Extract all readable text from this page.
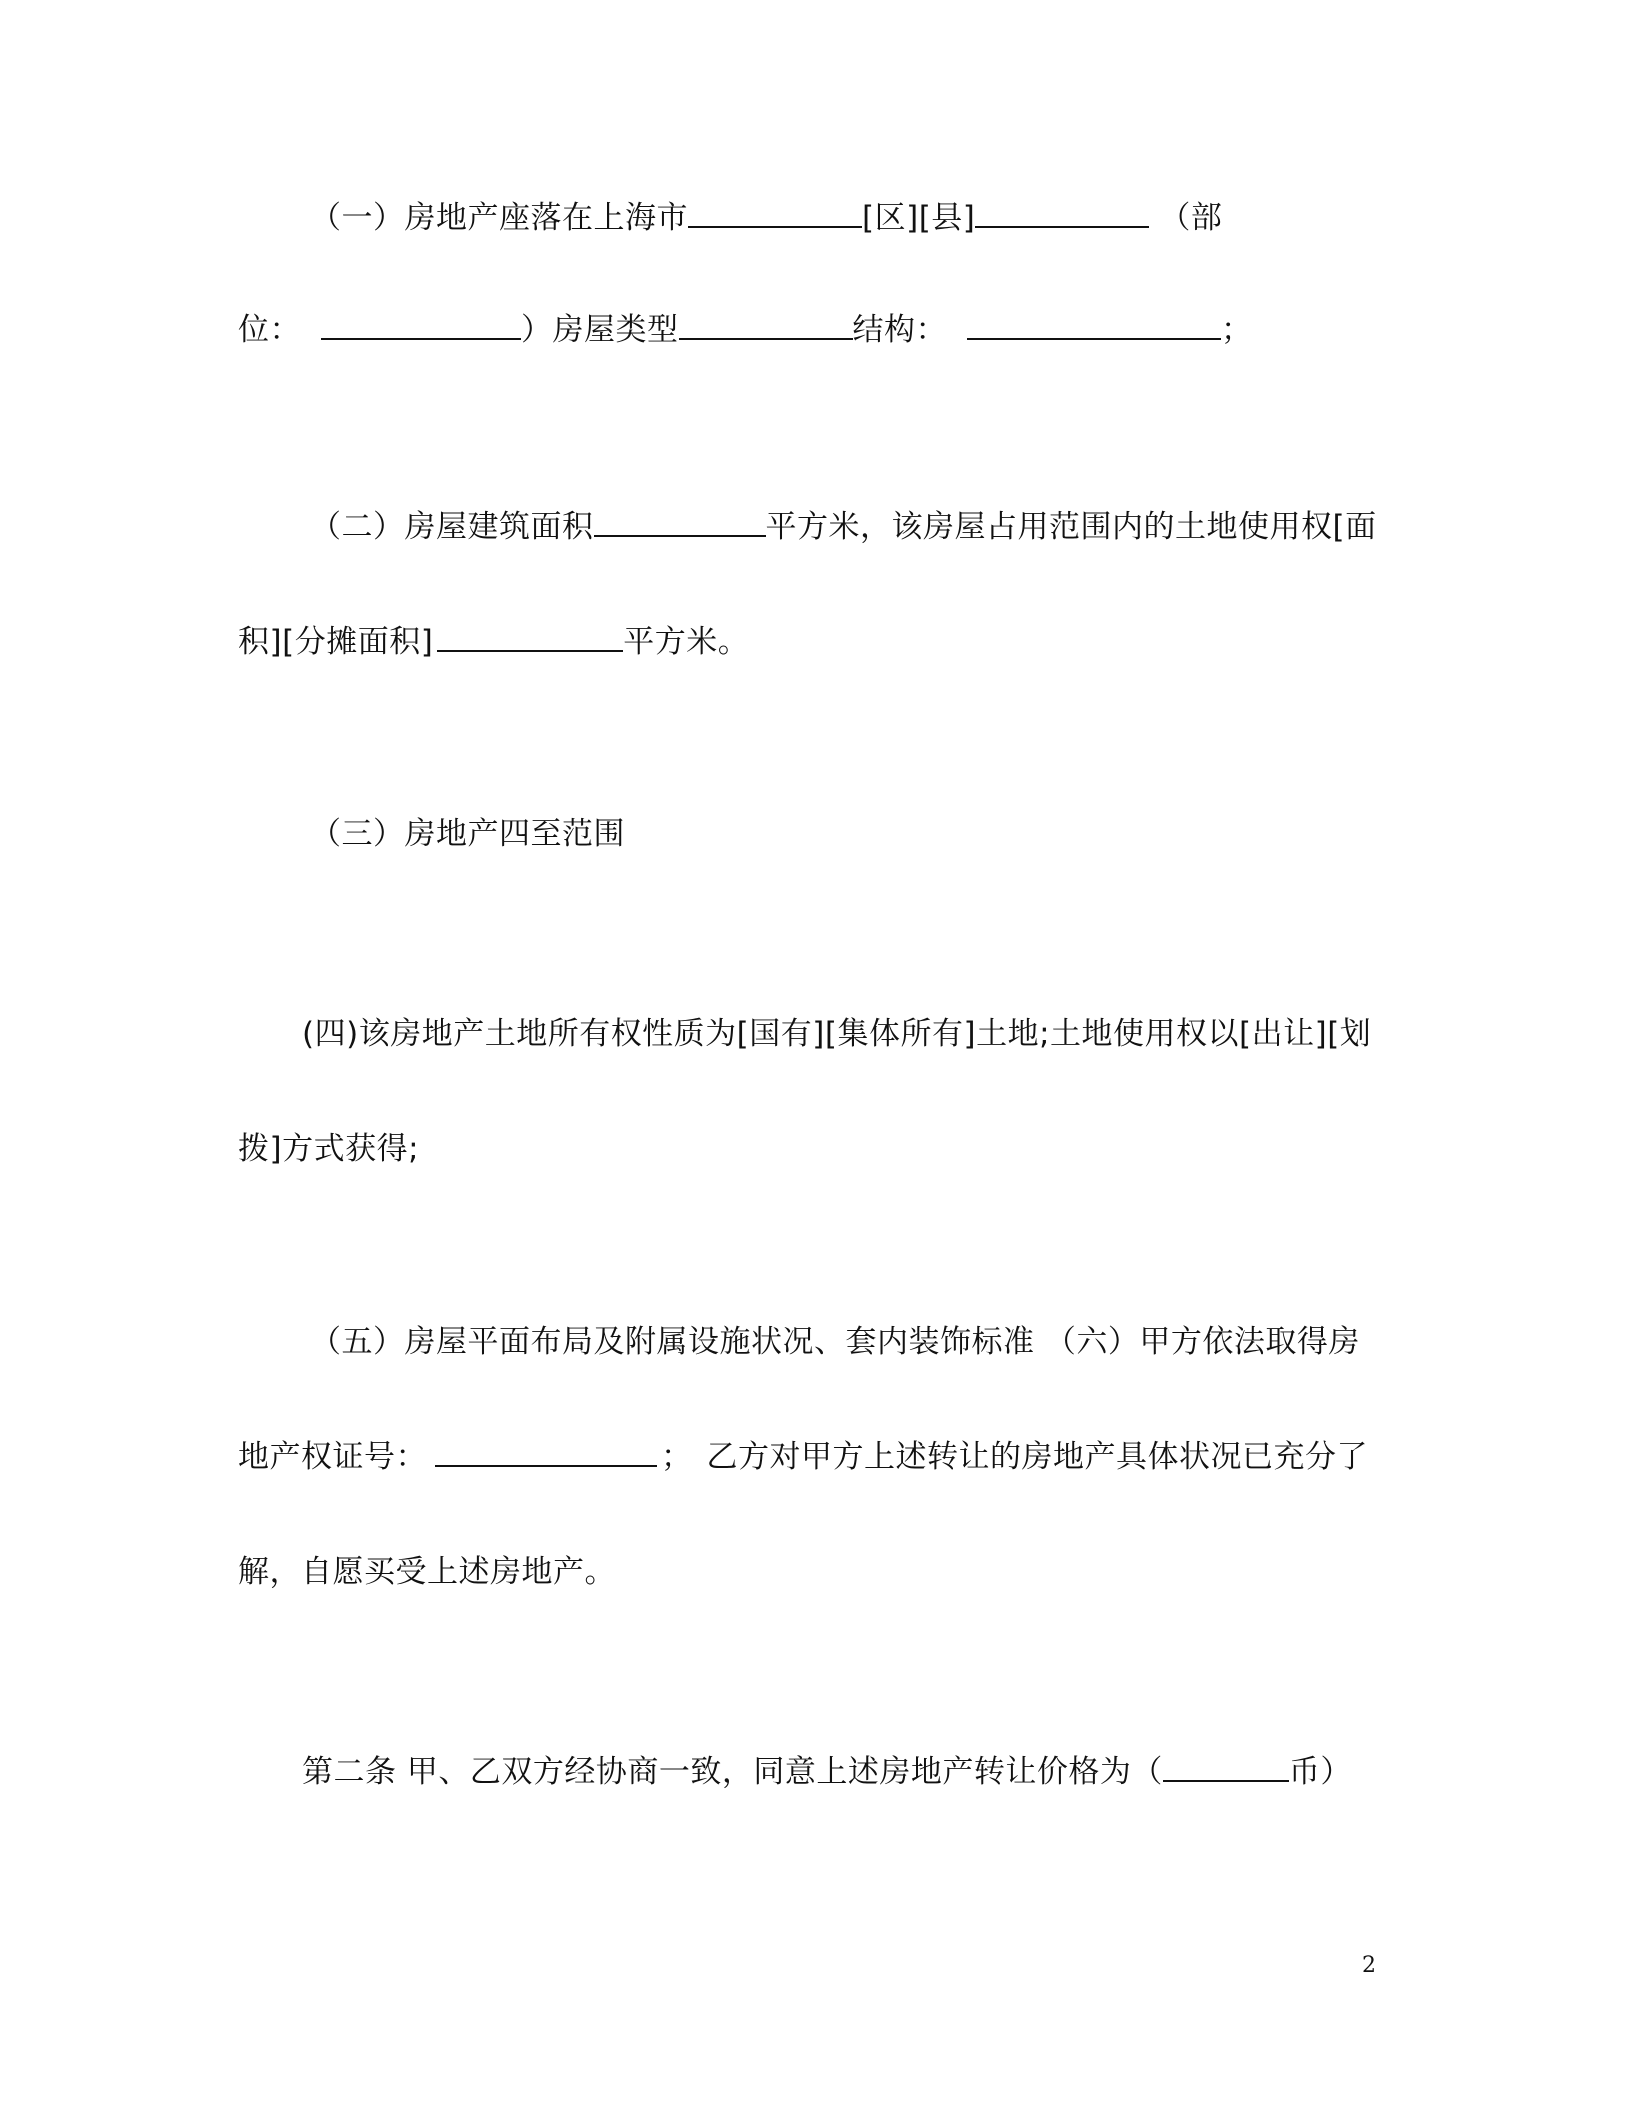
（一）房地产座落在上海市	[区][县]	（部
位：	）房屋类型	结构：	；
（二）房屋建筑面积	平方米，该房屋占用范围内的土地使用权[面
积][分摊面积]	平方米。
（三）房地产四至范围
(四)该房地产土地所有权性质为[国有][集体所有]土地;土地使用权以[出让][划
拨]方式获得;
（五）房屋平面布局及附属设施状况、套内装饰标准 （六）甲方依法取得房
地产权证号：	； 乙方对甲方上述转让的房地产具体状况已充分了
解，自愿买受上述房地产。
第二条 甲、乙双方经协商一致，同意上述房地产转让价格为（	币）
2
